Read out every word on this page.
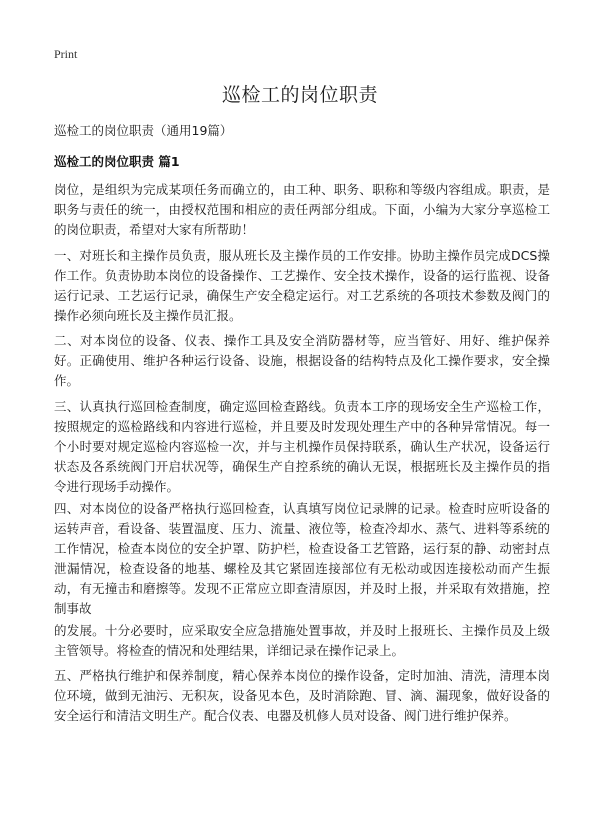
Print
巡检工的岗位职责
巡检工的岗位职责（通用19篇）
巡检工的岗位职责 篇1

岗位，是组织为完成某项任务而确立的，由工种、职务、职称和等级内容组成。职责，是职务与责任的统一，由授权范围和相应的责任两部分组成。下面，小编为大家分享巡检工的岗位职责，希望对大家有所帮助！

一、对班长和主操作员负责，服从班长及主操作员的工作安排。协助主操作员完成DCS操作工作。负责协助本岗位的设备操作、工艺操作、安全技术操作，设备的运行监视、设备运行记录、工艺运行记录，确保生产安全稳定运行。对工艺系统的各项技术参数及阀门的操作必须向班长及主操作员汇报。

二、对本岗位的设备、仪表、操作工具及安全消防器材等，应当管好、用好、维护保养好。正确使用、维护各种运行设备、设施，根据设备的结构特点及化工操作要求，安全操作。

三、认真执行巡回检查制度，确定巡回检查路线。负责本工序的现场安全生产巡检工作，按照规定的巡检路线和内容进行巡检，并且要及时发现处理生产中的各种异常情况。每一个小时要对规定巡检内容巡检一次，并与主机操作员保持联系，确认生产状况，设备运行状态及各系统阀门开启状况等，确保生产自控系统的确认无误，根据班长及主操作员的指令进行现场手动操作。

四、对本岗位的设备严格执行巡回检查，认真填写岗位记录牌的记录。检查时应听设备的运转声音，看设备、装置温度、压力、流量、液位等，检查冷却水、蒸气、进料等系统的工作情况，检查本岗位的安全护罩、防护栏，检查设备工艺管路，运行泵的静、动密封点泄漏情况，检查设备的地基、螺栓及其它紧固连接部位有无松动或因连接松动而产生振动，有无撞击和磨擦等。发现不正常应立即查清原因，并及时上报，并采取有效措施，控制事故

的发展。十分必要时，应采取安全应急措施处置事故，并及时上报班长、主操作员及上级主管领导。将检查的情况和处理结果，详细记录在操作记录上。

五、严格执行维护和保养制度，精心保养本岗位的操作设备，定时加油、清洗，清理本岗位环境，做到无油污、无积灰，设备见本色，及时消除跑、冒、滴、漏现象，做好设备的安全运行和清洁文明生产。配合仪表、电器及机修人员对设备、阀门进行维护保养。
